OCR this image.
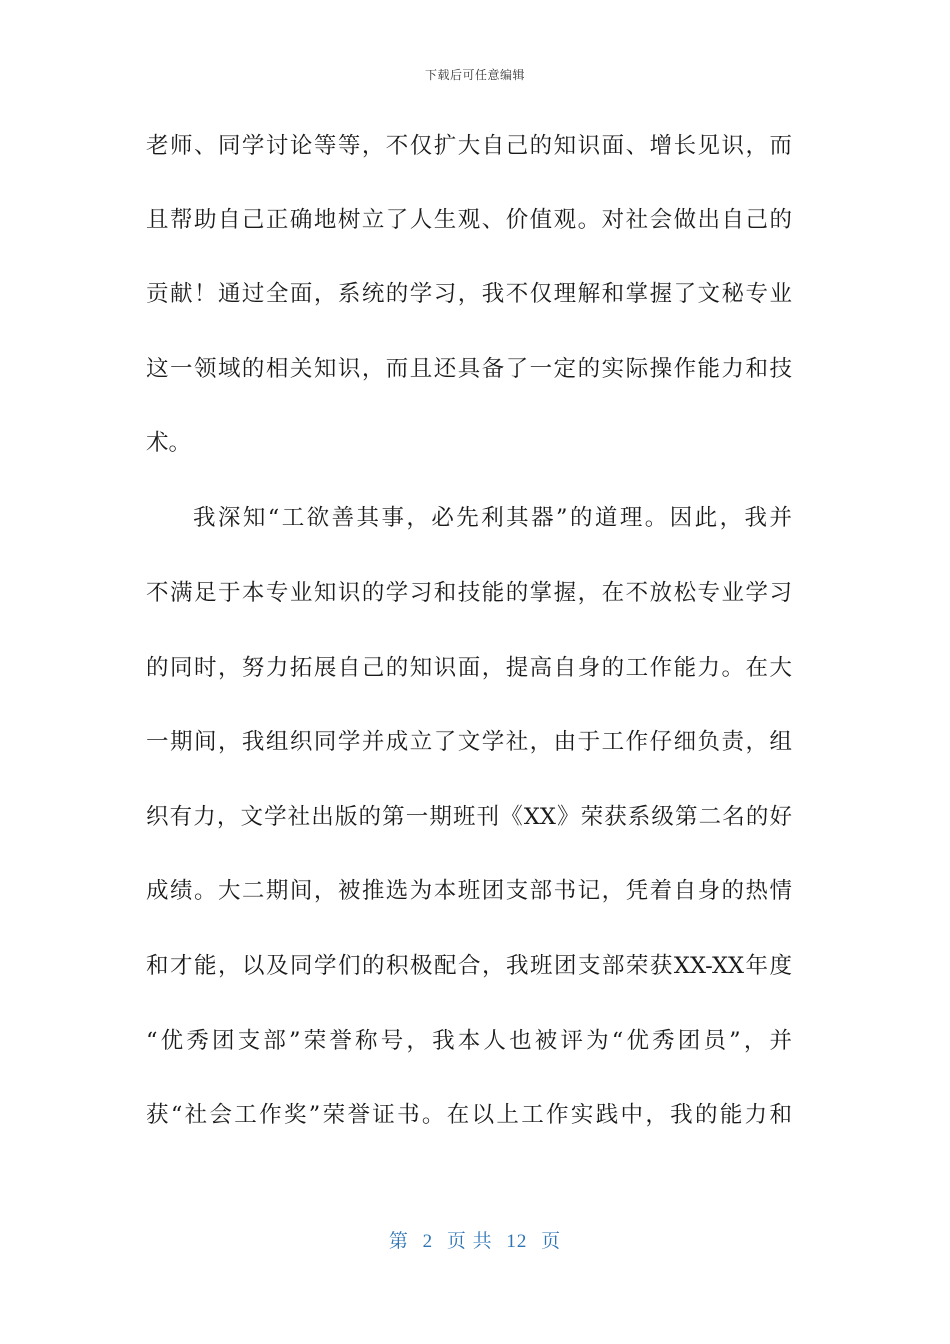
下载后可任意编辑
老师、同学讨论等等，不仅扩大自己的知识面、增长见识，而
且帮助自己正确地树立了人生观、价值观。对社会做出自己的
贡献！通过全面，系统的学习，我不仅理解和掌握了文秘专业
这一领域的相关知识，而且还具备了一定的实际操作能力和技
术。
我深知“工欲善其事，必先利其器”的道理。因此，我并
不满足于本专业知识的学习和技能的掌握，在不放松专业学习
的同时，努力拓展自己的知识面，提高自身的工作能力。在大
一期间，我组织同学并成立了文学社，由于工作仔细负责，组
织有力，文学社出版的第一期班刊《XX》荣获系级第二名的好
成绩。大二期间，被推选为本班团支部书记，凭着自身的热情
和才能，以及同学们的积极配合，我班团支部荣获XX-XX年度
“优秀团支部”荣誉称号，我本人也被评为“优秀团员”，并
获“社会工作奖”荣誉证书。在以上工作实践中，我的能力和
第 2 页 共 12 页
